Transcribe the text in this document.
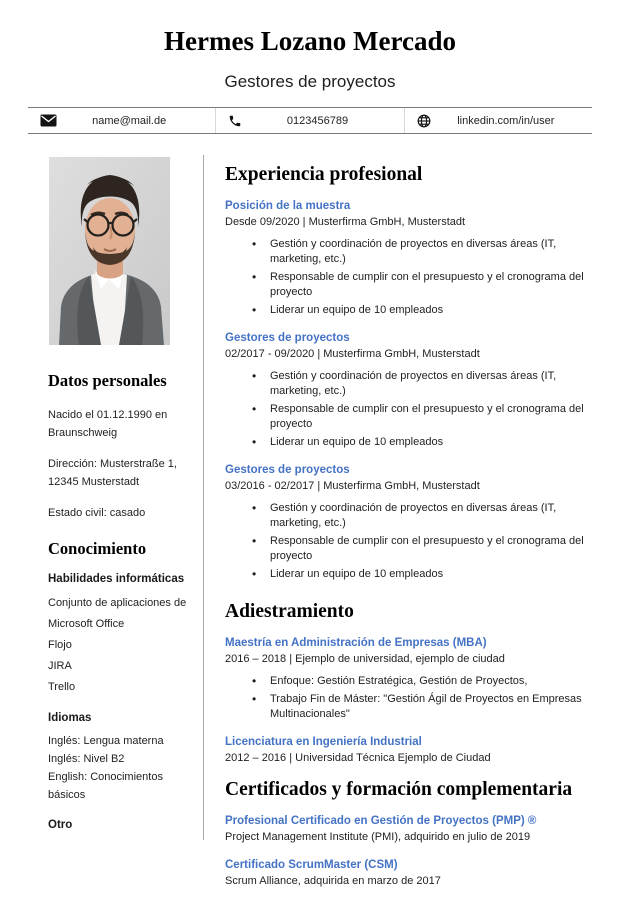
Hermes Lozano Mercado
Gestores de proyectos
name@mail.de	0123456789	linkedin.com/in/user
Datos personales
Nacido el 01.12.1990 en Braunschweig
Dirección: Musterstraße 1, 12345 Musterstadt
Estado civil: casado
Conocimiento
Habilidades informáticas
Conjunto de aplicaciones de Microsoft Office
Flojo
JIRA
Trello
Idiomas
Inglés: Lengua materna
Inglés: Nivel B2
English: Conocimientos básicos
Otro
Experiencia profesional
Posición de la muestra
Desde 09/2020 | Musterfirma GmbH, Musterstadt
• Gestión y coordinación de proyectos en diversas áreas (IT, marketing, etc.)
• Responsable de cumplir con el presupuesto y el cronograma del proyecto
• Liderar un equipo de 10 empleados
Gestores de proyectos
02/2017 - 09/2020 | Musterfirma GmbH, Musterstadt
• Gestión y coordinación de proyectos en diversas áreas (IT, marketing, etc.)
• Responsable de cumplir con el presupuesto y el cronograma del proyecto
• Liderar un equipo de 10 empleados
Gestores de proyectos
03/2016 - 02/2017 | Musterfirma GmbH, Musterstadt
• Gestión y coordinación de proyectos en diversas áreas (IT, marketing, etc.)
• Responsable de cumplir con el presupuesto y el cronograma del proyecto
• Liderar un equipo de 10 empleados
Adiestramiento
Maestría en Administración de Empresas (MBA)
2016 – 2018 | Ejemplo de universidad, ejemplo de ciudad
• Enfoque: Gestión Estratégica, Gestión de Proyectos,
• Trabajo Fin de Máster: "Gestión Ágil de Proyectos en Empresas Multinacionales"
Licenciatura en Ingeniería Industrial
2012 – 2016 | Universidad Técnica Ejemplo de Ciudad
Certificados y formación complementaria
Profesional Certificado en Gestión de Proyectos (PMP) ®
Project Management Institute (PMI), adquirido en julio de 2019
Certificado ScrumMaster (CSM)
Scrum Alliance, adquirida en marzo de 2017
